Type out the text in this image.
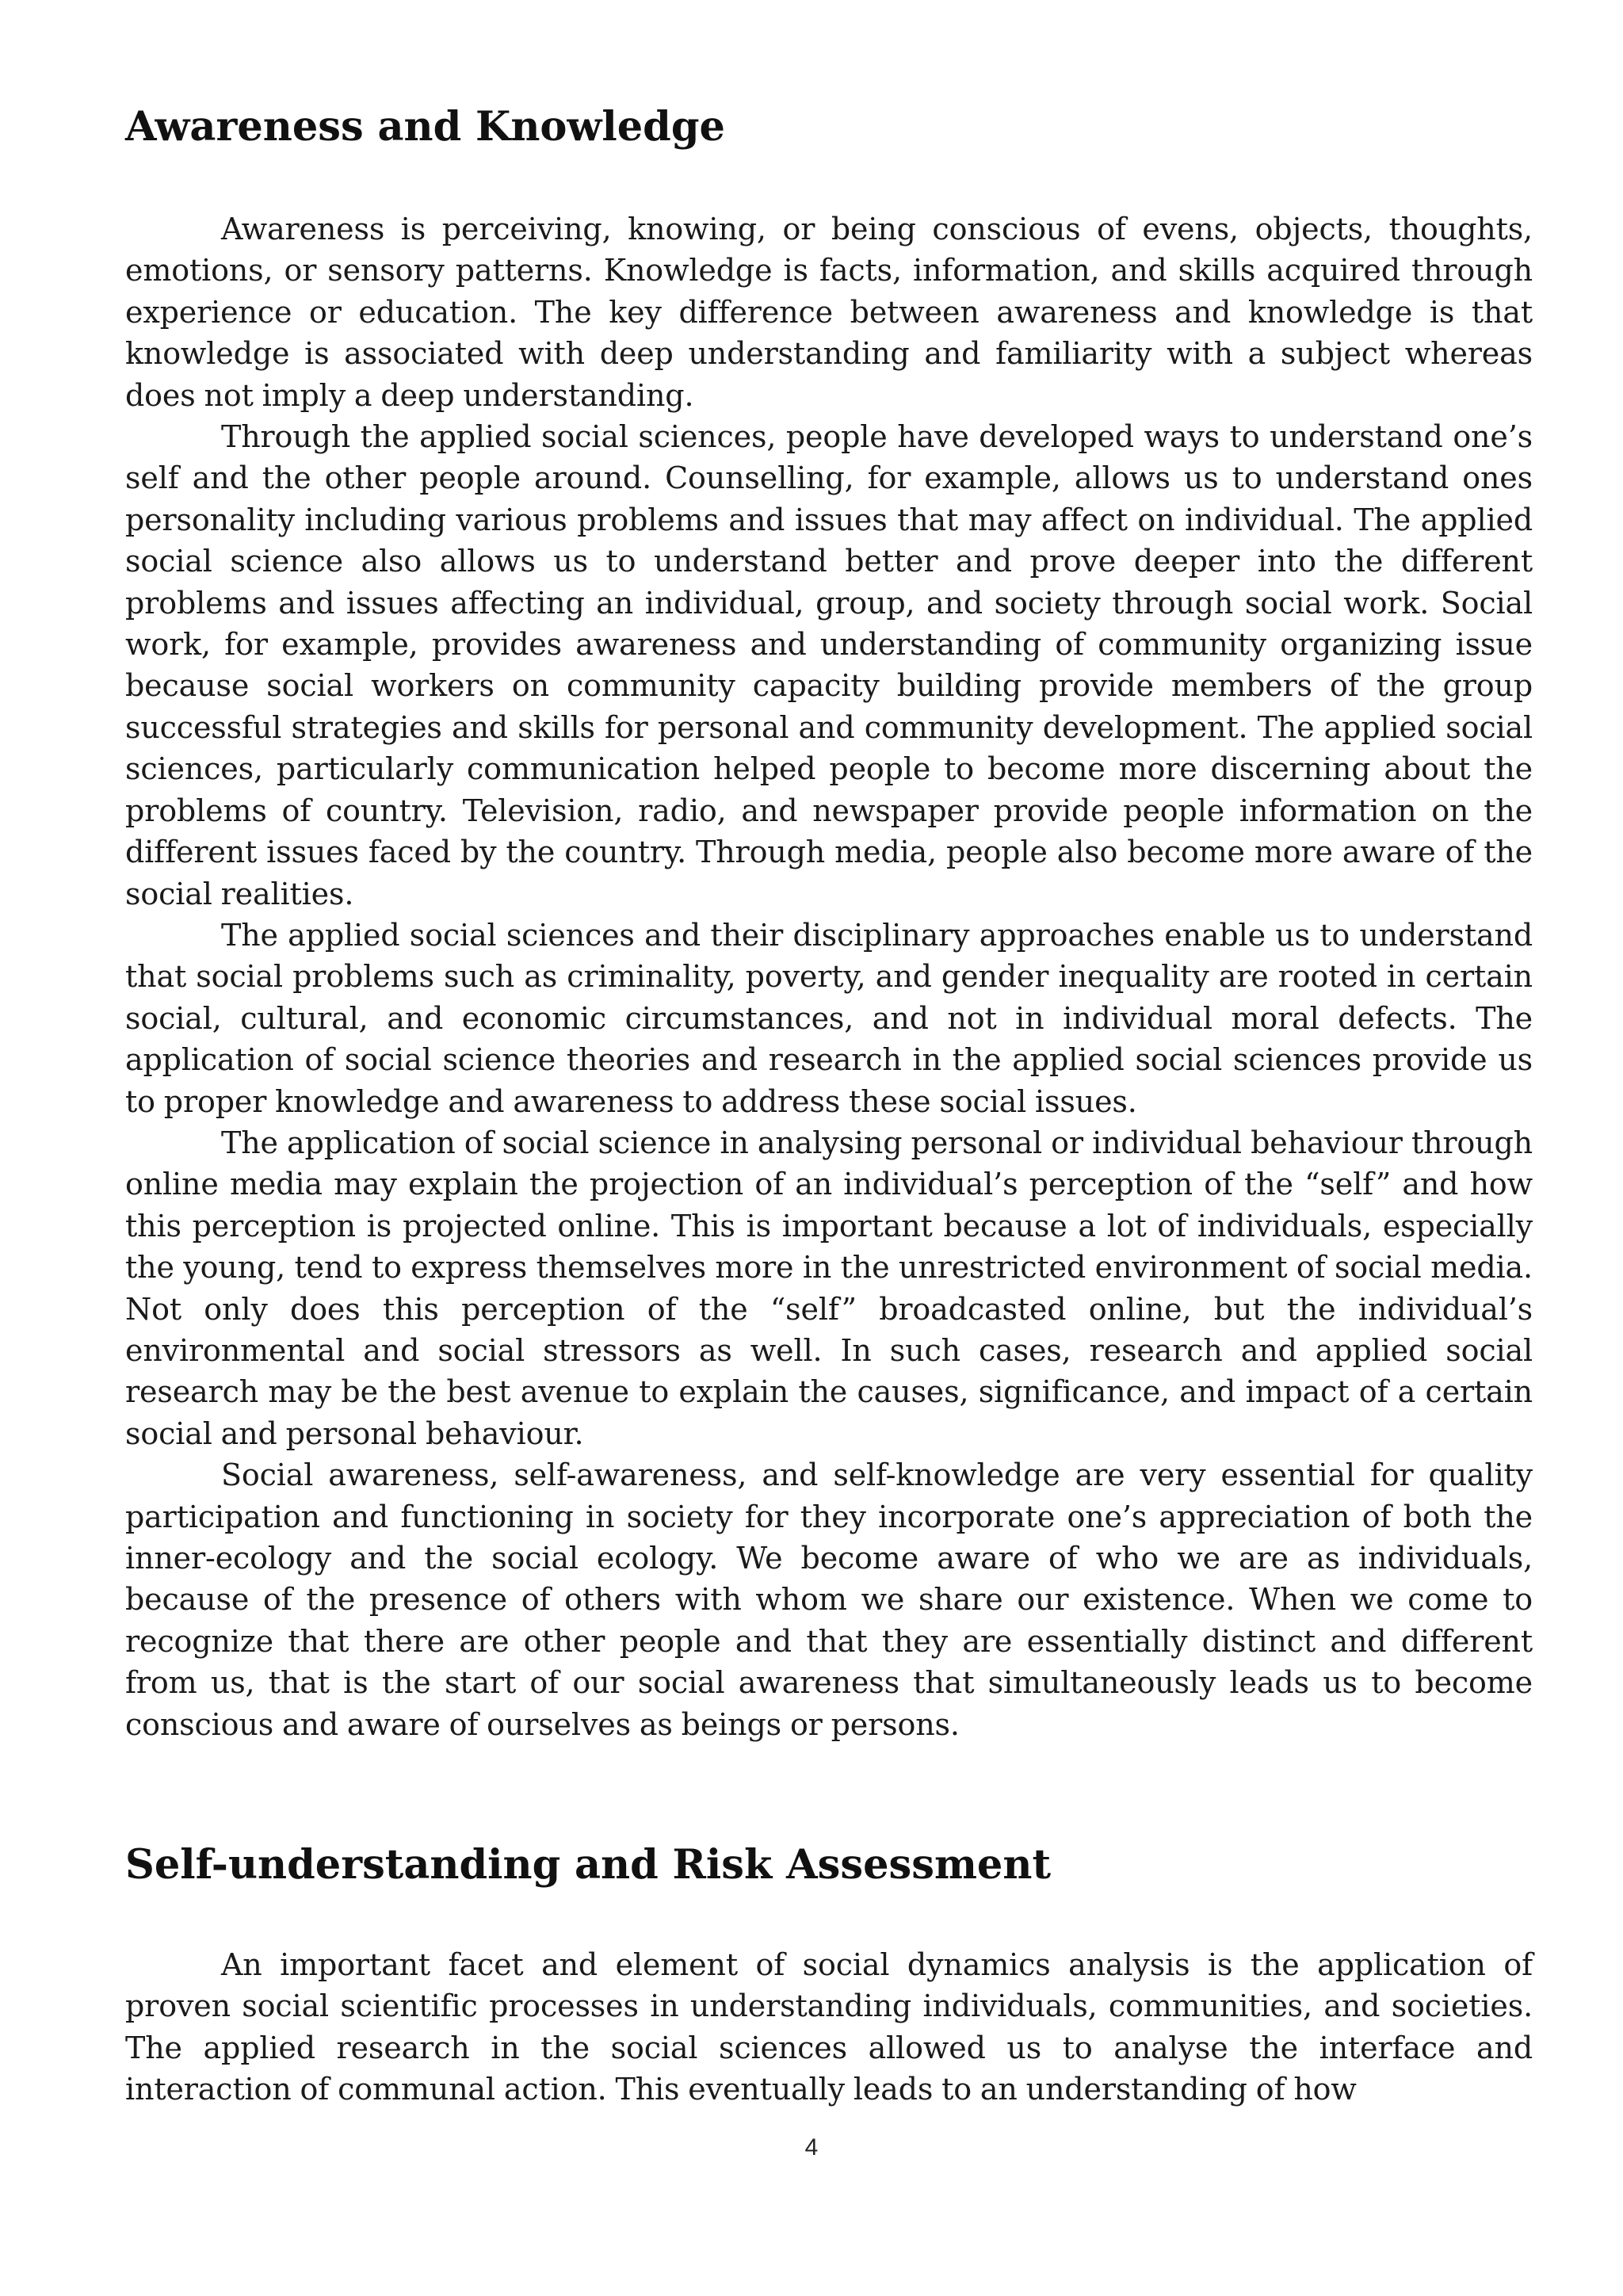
Awareness and Knowledge

Awareness is perceiving, knowing, or being conscious of evens, objects, thoughts, emotions, or sensory patterns. Knowledge is facts, information, and skills acquired through experience or education. The key difference between awareness and knowledge is that knowledge is associated with deep understanding and familiarity with a subject whereas does not imply a deep understanding.

Through the applied social sciences, people have developed ways to understand one’s self and the other people around. Counselling, for example, allows us to understand ones personality including various problems and issues that may affect on individual. The applied social science also allows us to understand better and prove deeper into the different problems and issues affecting an individual, group, and society through social work. Social work, for example, provides awareness and understanding of community organizing issue because social workers on community capacity building provide members of the group successful strategies and skills for personal and community development. The applied social sciences, particularly communication helped people to become more discerning about the problems of country. Television, radio, and newspaper provide people information on the different issues faced by the country. Through media, people also become more aware of the social realities.

The applied social sciences and their disciplinary approaches enable us to understand that social problems such as criminality, poverty, and gender inequality are rooted in certain social, cultural, and economic circumstances, and not in individual moral defects. The application of social science theories and research in the applied social sciences provide us to proper knowledge and awareness to address these social issues.

The application of social science in analysing personal or individual behaviour through online media may explain the projection of an individual’s perception of the “self” and how this perception is projected online. This is important because a lot of individuals, especially the young, tend to express themselves more in the unrestricted environment of social media. Not only does this perception of the “self” broadcasted online, but the individual’s environmental and social stressors as well. In such cases, research and applied social research may be the best avenue to explain the causes, significance, and impact of a certain social and personal behaviour.

Social awareness, self-awareness, and self-knowledge are very essential for quality participation and functioning in society for they incorporate one’s appreciation of both the inner-ecology and the social ecology. We become aware of who we are as individuals, because of the presence of others with whom we share our existence. When we come to recognize that there are other people and that they are essentially distinct and different from us, that is the start of our social awareness that simultaneously leads us to become conscious and aware of ourselves as beings or persons.

Self-understanding and Risk Assessment

An important facet and element of social dynamics analysis is the application of proven social scientific processes in understanding individuals, communities, and societies. The applied research in the social sciences allowed us to analyse the interface and interaction of communal action. This eventually leads to an understanding of how

4
